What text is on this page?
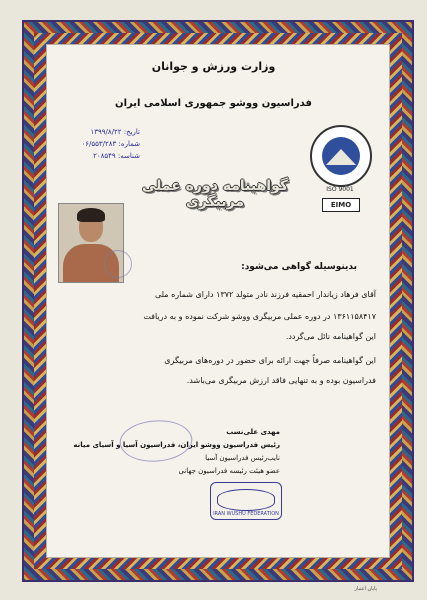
وزارت ورزش و جوانان
فدراسیون ووشو جمهوری اسلامی ایران
تاریخ: ۱۳۹۹/۸/۲۲
شماره: ۰۶/۵۵۳/۲۸۳
شناسه: ۲۰۸۵۴۹
ISO 9001
EIMO
گواهینامه دوره عملی مربیگری
بدینوسیله گواهی می‌شود:
آقای فرهاد زیاندار احمقیه فرزند نادر متولد ۱۳۷۲ دارای شماره ملی
۱۳۶۱۱۵۸۴۱۷ در دوره عملی مربیگری ووشو شرکت نموده و به دریافت
این گواهینامه نائل می‌گردد.
این گواهینامه صرفاً جهت ارائه برای حضور در دوره‌های مربیگری
فدراسیون بوده و به تنهایی فاقد ارزش مربیگری می‌باشد.
مهدی علی‌نسب
رئیس فدراسیون ووشو ایران، فدراسیون آسیا و آسیای میانه
نایب‌رئیس فدراسیون آسیا
عضو هیئت رئیسه فدراسیون جهانی
IRAN WUSHU FEDERATION
پایان اعتبار
